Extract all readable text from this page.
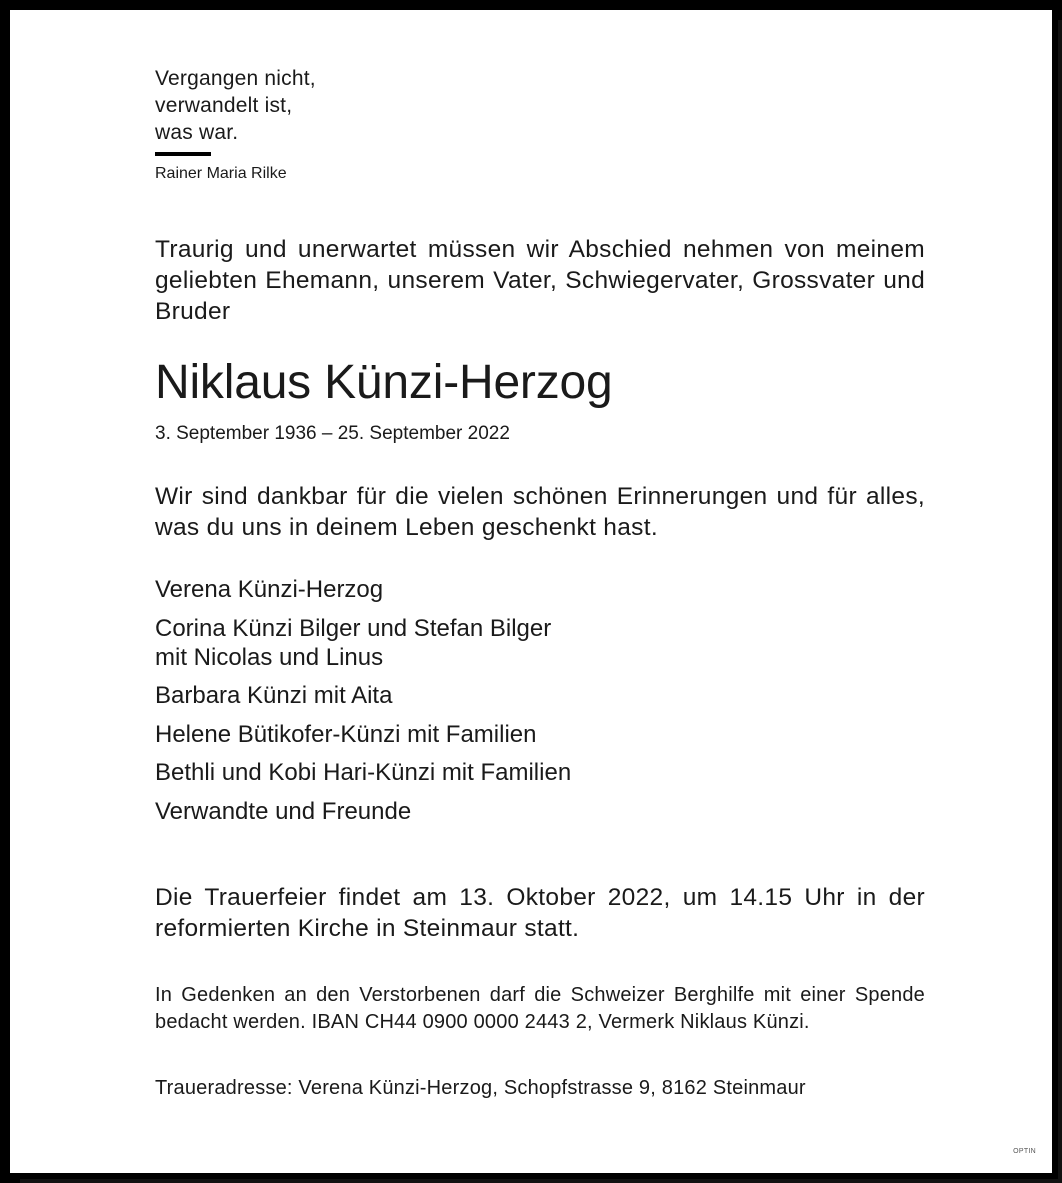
Vergangen nicht,
verwandelt ist,
was war.
Rainer Maria Rilke

Traurig und unerwartet müssen wir Abschied nehmen von meinem geliebten Ehemann, unserem Vater, Schwiegervater, Grossvater und Bruder

Niklaus Künzi-Herzog
3. September 1936 – 25. September 2022

Wir sind dankbar für die vielen schönen Erinnerungen und für alles, was du uns in deinem Leben geschenkt hast.

Verena Künzi-Herzog
Corina Künzi Bilger und Stefan Bilger
mit Nicolas und Linus
Barbara Künzi mit Aita
Helene Bütikofer-Künzi mit Familien
Bethli und Kobi Hari-Künzi mit Familien
Verwandte und Freunde

Die Trauerfeier findet am 13. Oktober 2022, um 14.15 Uhr in der reformierten Kirche in Steinmaur statt.

In Gedenken an den Verstorbenen darf die Schweizer Berghilfe mit einer Spende bedacht werden. IBAN CH44 0900 0000 2443 2, Vermerk Niklaus Künzi.

Traueradresse: Verena Künzi-Herzog, Schopfstrasse 9, 8162 Steinmaur
OPTIN
